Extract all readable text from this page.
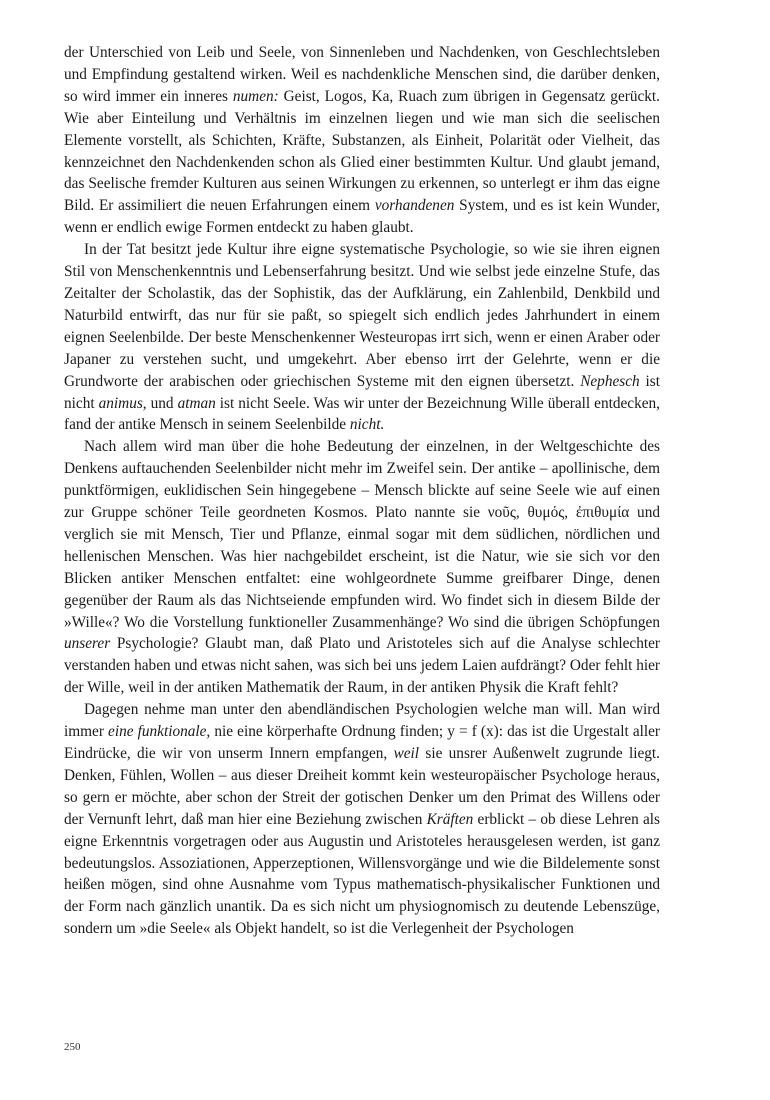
der Unterschied von Leib und Seele, von Sinnenleben und Nachdenken, von Geschlechtsleben und Empfindung gestaltend wirken. Weil es nachdenkliche Menschen sind, die darüber denken, so wird immer ein inneres numen: Geist, Logos, Ka, Ruach zum übrigen in Gegensatz gerückt. Wie aber Einteilung und Verhältnis im einzelnen liegen und wie man sich die seelischen Elemente vorstellt, als Schichten, Kräfte, Substanzen, als Einheit, Polarität oder Vielheit, das kennzeichnet den Nachdenkenden schon als Glied einer bestimmten Kultur. Und glaubt jemand, das Seelische fremder Kulturen aus seinen Wirkungen zu erkennen, so unterlegt er ihm das eigne Bild. Er assimiliert die neuen Erfahrungen einem vorhandenen System, und es ist kein Wunder, wenn er endlich ewige Formen entdeckt zu haben glaubt.

In der Tat besitzt jede Kultur ihre eigne systematische Psychologie, so wie sie ihren eignen Stil von Menschenkenntnis und Lebenserfahrung besitzt. Und wie selbst jede einzelne Stufe, das Zeitalter der Scholastik, das der Sophistik, das der Aufklärung, ein Zahlenbild, Denkbild und Naturbild entwirft, das nur für sie paßt, so spiegelt sich endlich jedes Jahrhundert in einem eignen Seelenbilde. Der beste Menschenkenner Westeuropas irrt sich, wenn er einen Araber oder Japaner zu verstehen sucht, und umgekehrt. Aber ebenso irrt der Gelehrte, wenn er die Grundworte der arabischen oder griechischen Systeme mit den eignen übersetzt. Nephesch ist nicht animus, und atman ist nicht Seele. Was wir unter der Bezeichnung Wille überall entdecken, fand der antike Mensch in seinem Seelenbilde nicht.

Nach allem wird man über die hohe Bedeutung der einzelnen, in der Weltgeschichte des Denkens auftauchenden Seelenbilder nicht mehr im Zweifel sein. Der antike – apollinische, dem punktförmigen, euklidischen Sein hingegebene – Mensch blickte auf seine Seele wie auf einen zur Gruppe schöner Teile geordneten Kosmos. Plato nannte sie νοῦς, θυμός, ἐπιθυμία und verglich sie mit Mensch, Tier und Pflanze, einmal sogar mit dem südlichen, nördlichen und hellenischen Menschen. Was hier nachgebildet erscheint, ist die Natur, wie sie sich vor den Blicken antiker Menschen entfaltet: eine wohlgeordnete Summe greifbarer Dinge, denen gegenüber der Raum als das Nichtseiende empfunden wird. Wo findet sich in diesem Bilde der »Wille«? Wo die Vorstellung funktioneller Zusammenhänge? Wo sind die übrigen Schöpfungen unserer Psychologie? Glaubt man, daß Plato und Aristoteles sich auf die Analyse schlechter verstanden haben und etwas nicht sahen, was sich bei uns jedem Laien aufdrängt? Oder fehlt hier der Wille, weil in der antiken Mathematik der Raum, in der antiken Physik die Kraft fehlt?

Dagegen nehme man unter den abendländischen Psychologien welche man will. Man wird immer eine funktionale, nie eine körperhafte Ordnung finden; y = f (x): das ist die Urgestalt aller Eindrücke, die wir von unserm Innern empfangen, weil sie unsrer Außenwelt zugrunde liegt. Denken, Fühlen, Wollen – aus dieser Dreiheit kommt kein westeuropäischer Psychologe heraus, so gern er möchte, aber schon der Streit der gotischen Denker um den Primat des Willens oder der Vernunft lehrt, daß man hier eine Beziehung zwischen Kräften erblickt – ob diese Lehren als eigne Erkenntnis vorgetragen oder aus Augustin und Aristoteles herausgelesen werden, ist ganz bedeutungslos. Assoziationen, Apperzeptionen, Willensvorgänge und wie die Bildelemente sonst heißen mögen, sind ohne Ausnahme vom Typus mathematisch-physikalischer Funktionen und der Form nach gänzlich unantik. Da es sich nicht um physiognomisch zu deutende Lebenszüge, sondern um »die Seele« als Objekt handelt, so ist die Verlegenheit der Psychologen

250
